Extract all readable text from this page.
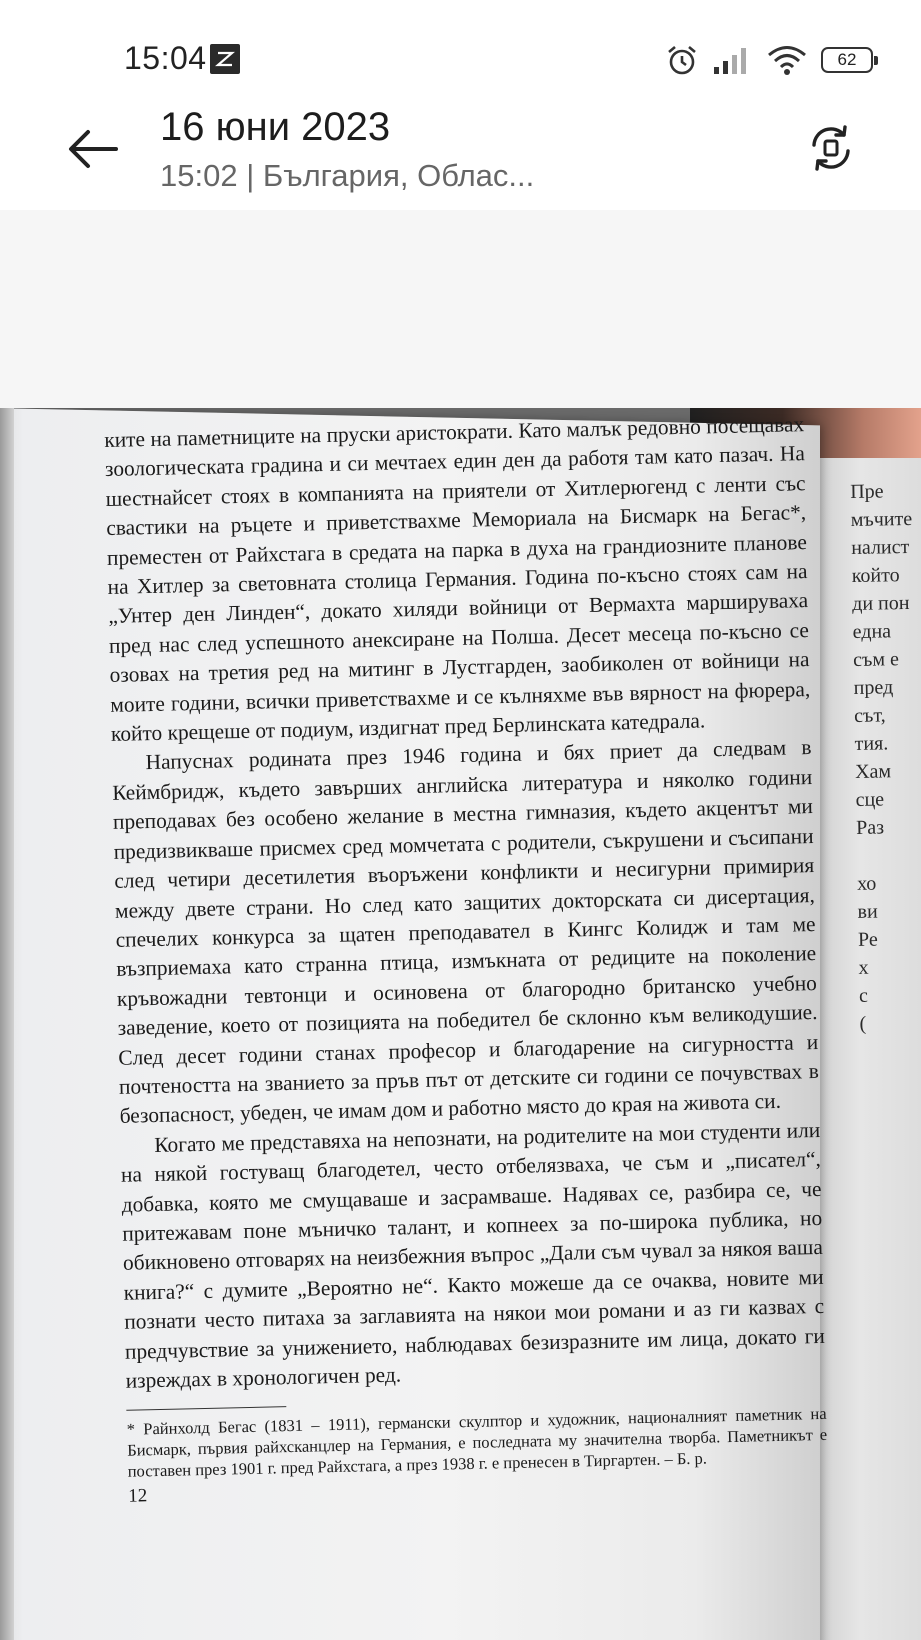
15:04	62
16 юни 2023
15:02 | България, Облас...
Пре
мъчите
налист
който
ди пон
една
съм е
пред
сът,
тия.
Хам
сце
Раз

хо
ви
Ре
х
с
(

ките на паметниците на пруски аристократи. Като малък редовно посещавах зоологическата градина и си мечтаех един ден да работя там като пазач. На шестнайсет стоях в компанията на приятели от Хитлерюгенд с ленти със свастики на ръцете и приветствахме Мемориала на Бисмарк на Бегас*, преместен от Райхстага в средата на парка в духа на грандиозните планове на Хитлер за световната столица Германия. Година по-късно стоях сам на „Унтер ден Линден“, докато хиляди войници от Вермахта маршируваха пред нас след успешното анексиране на Полша. Десет месеца по-късно се озовах на третия ред на митинг в Лустгарден, заобиколен от войници на моите години, всички приветствахме и се кълняхме във вярност на фюрера, който крещеше от подиум, издигнат пред Берлинската катедрала.

Напуснах родината през 1946 година и бях приет да следвам в Кеймбридж, където завърших английска литература и няколко години преподавах без особено желание в местна гимназия, където акцентът ми предизвикваше присмех сред момчетата с родители, съкрушени и съсипани след четири десетилетия въоръжени конфликти и несигурни примирия между двете страни. Но след като защитих докторската си дисертация, спечелих конкурса за щатен преподавател в Кингс Колидж и там ме възприемаха като странна птица, измъкната от редиците на поколение кръвожадни тевтонци и осиновена от благородно британско учебно заведение, което от позицията на победител бе склонно към великодушие. След десет години станах професор и благодарение на сигурността и почтеността на званието за пръв път от детските си години се почувствах в безопасност, убеден, че имам дом и работно място до края на живота си.

Когато ме представяха на непознати, на родителите на мои студенти или на някой гостуващ благодетел, често отбелязваха, че съм и „писател“, добавка, която ме смущаваше и засрамваше. Надявах се, разбира се, че притежавам поне мъничко талант, и копнеех за по-широка публика, но обикновено отговарях на неизбежния въпрос „Дали съм чувал за някоя ваша книга?“ с думите „Вероятно не“. Както можеше да се очаква, новите ми познати често питаха за заглавията на някои мои романи и аз ги казвах с предчувствие за унижението, наблюдавах безизразните им лица, докато ги изреждах в хронологичен ред.

* Райнхолд Бегас (1831 – 1911), германски скулптор и художник, националният паметник на Бисмарк, първия райхсканцлер на Германия, е последната му значителна творба. Паметникът е поставен през 1901 г. пред Райхстага, а през 1938 г. е пренесен в Тиргартен. – Б. р.

12
